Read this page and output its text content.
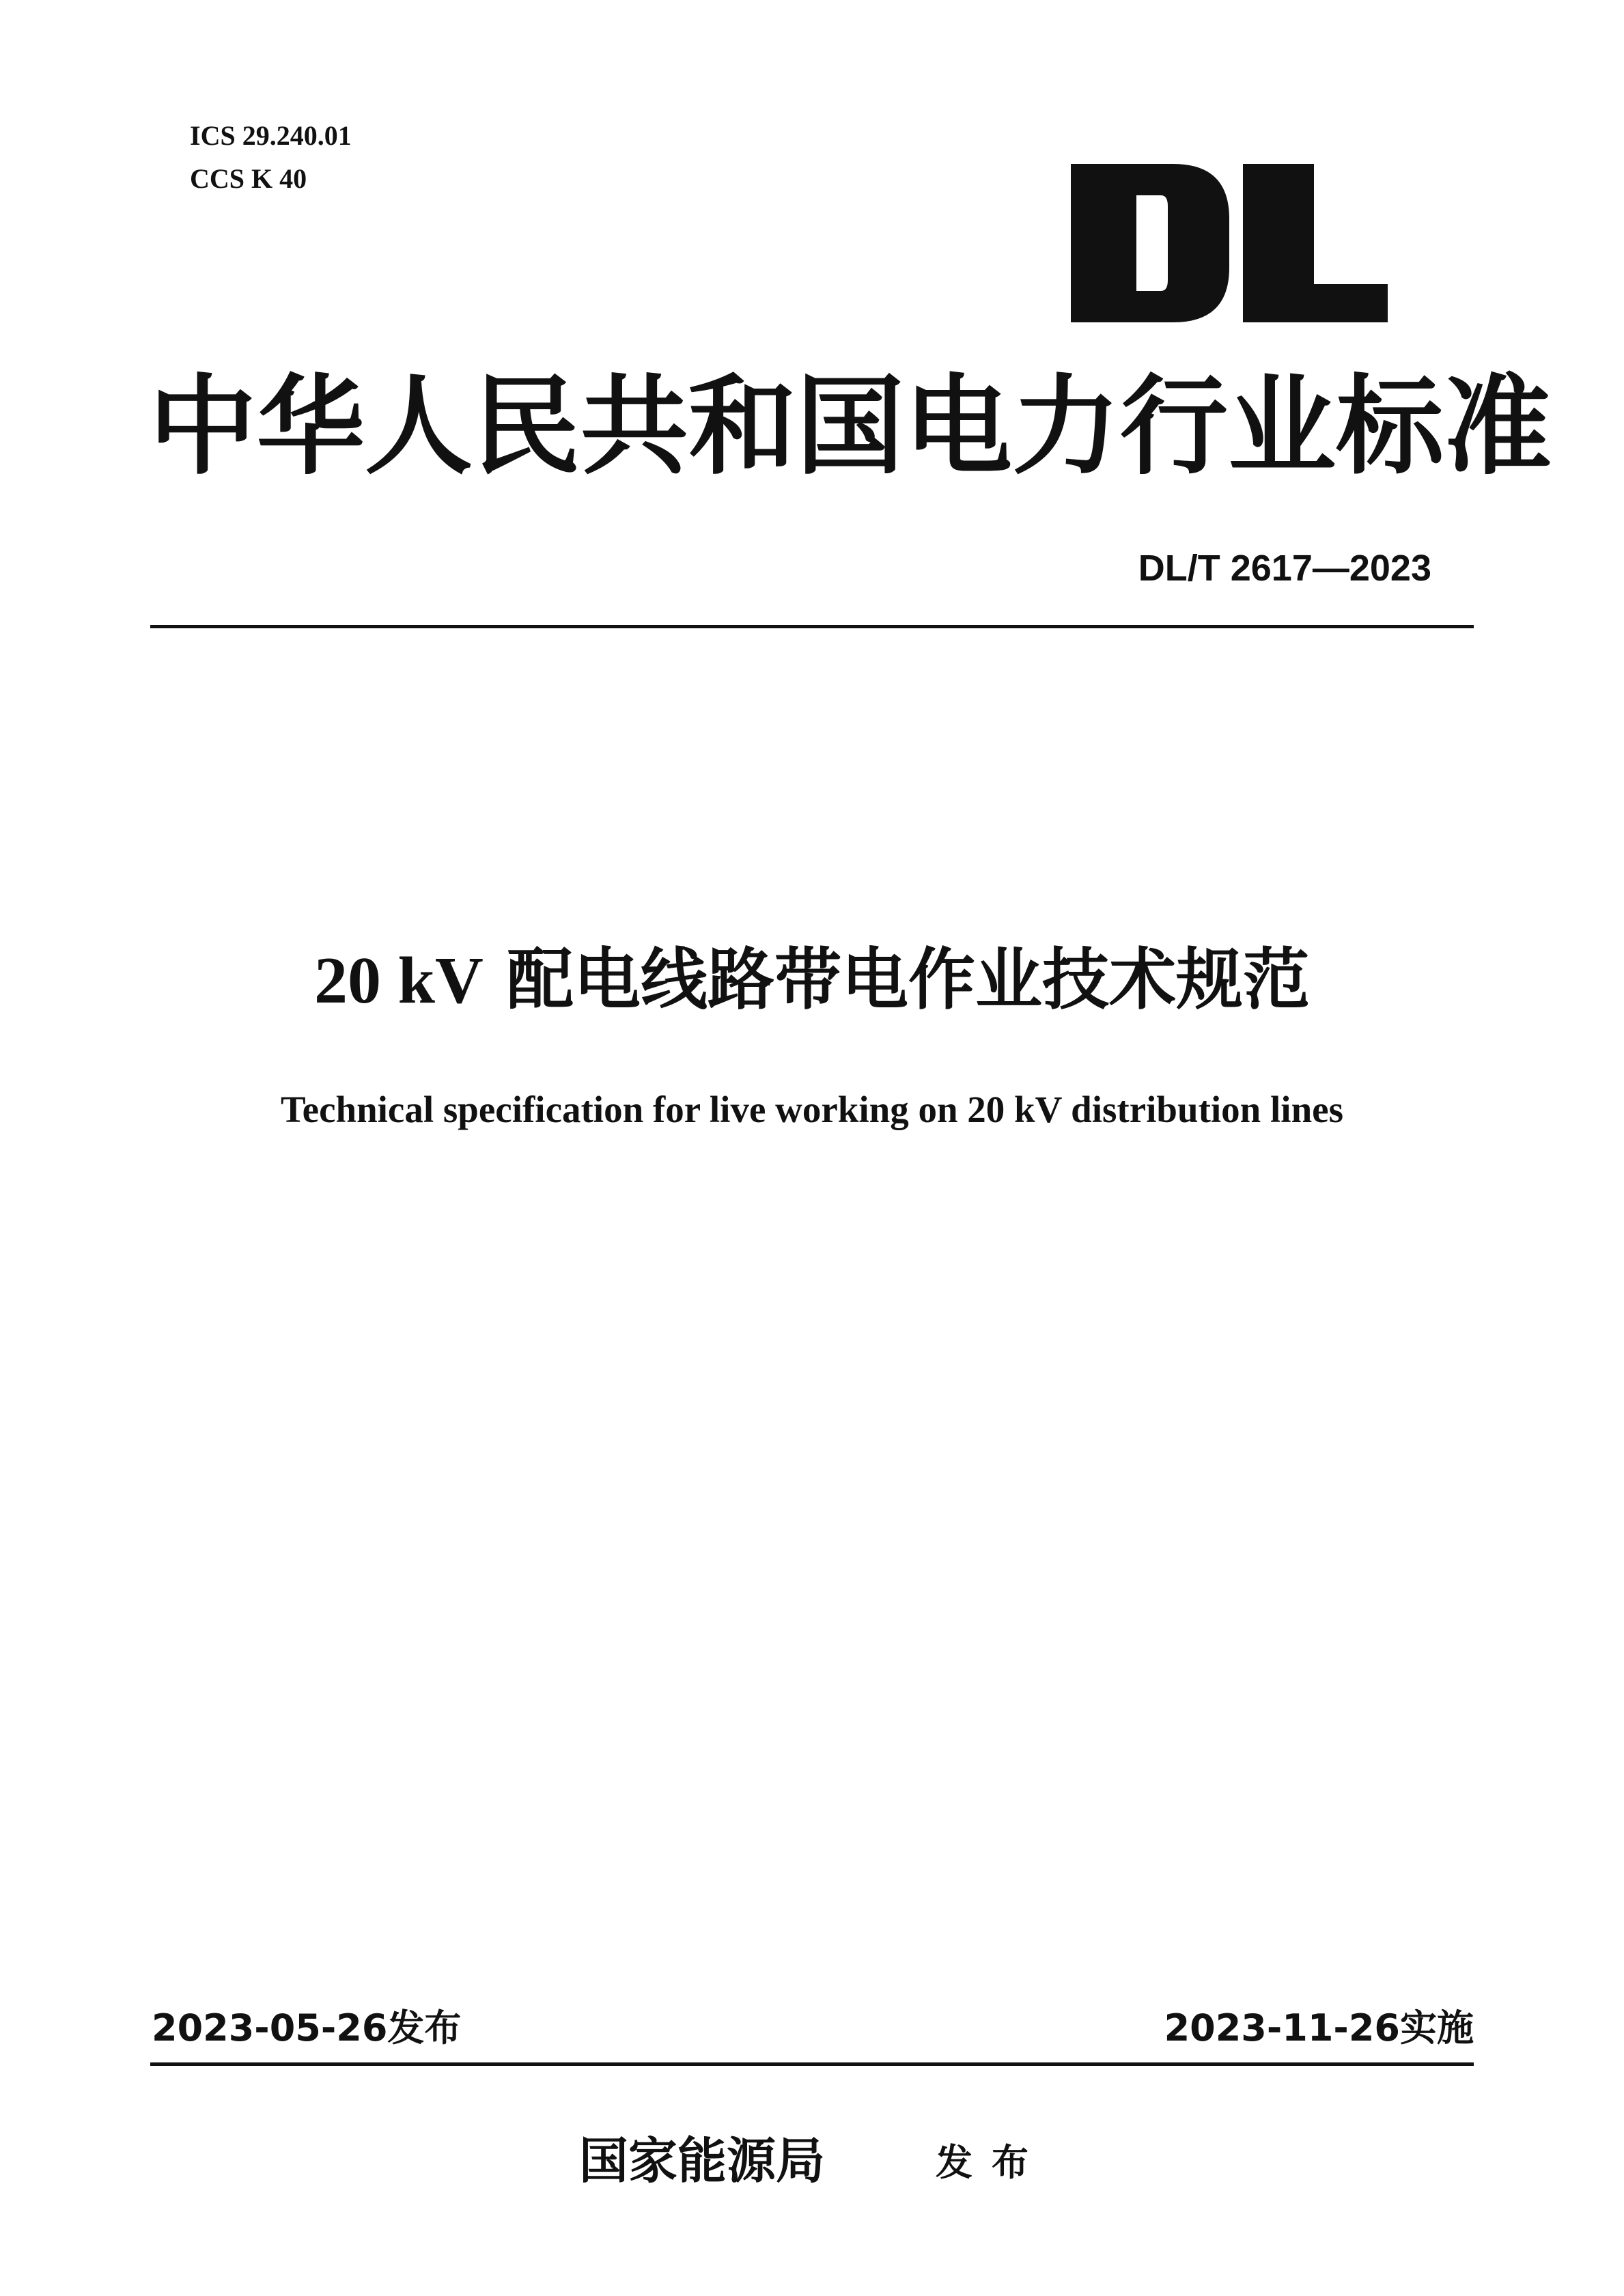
ICS 29.240.01
CCS K 40
中华人民共和国电力行业标准
DL/T 2617—2023
20 kV 配电线路带电作业技术规范
Technical specification for live working on 20 kV distribution lines
2023-05-26发布	2023-11-26实施
国家能源局	发布
